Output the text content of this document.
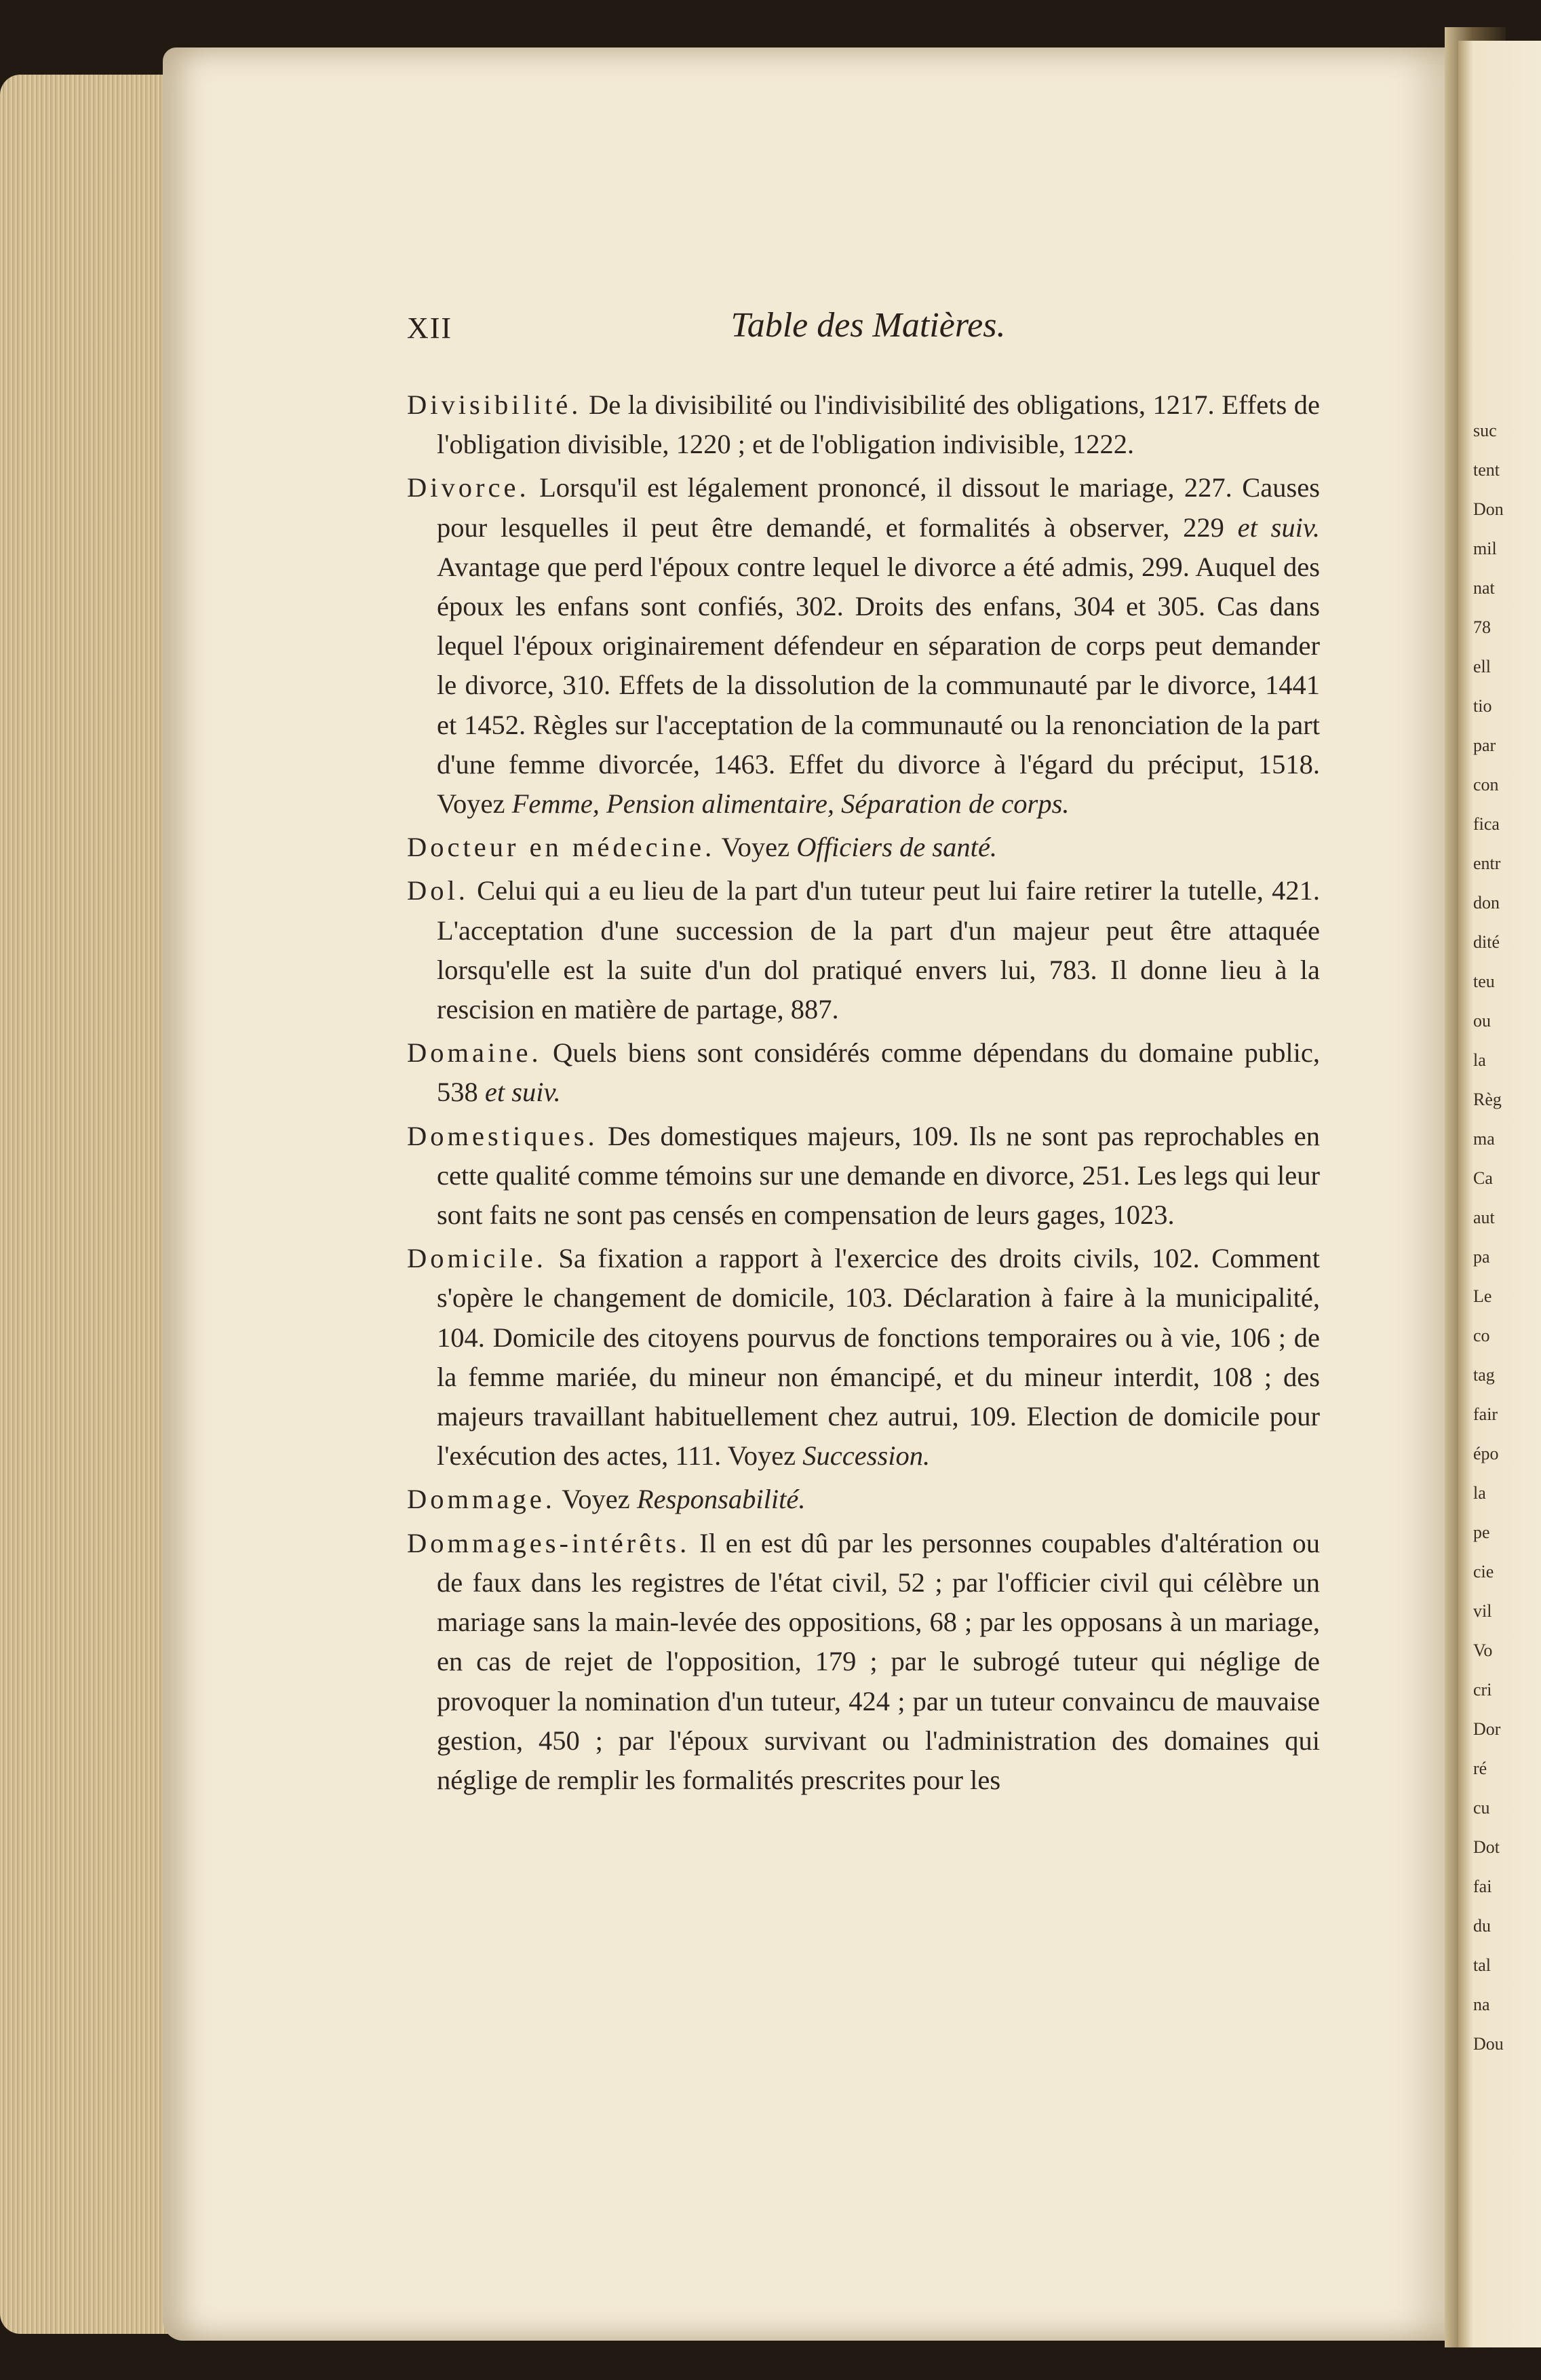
suc
tent
Don
mil
nat
78
ell
tio
par
con
fica
entr
don
dité
teu
ou
la
Règ
ma
Ca
aut
pa
Le
co
tag
fair
épo
la
pe
cie
vil
Vo
cri
Dor
ré
cu
Dot
fai
du
tal
na
Dou
XII	Table des Matières.

Divisibilité. De la divisibilité ou l'indivisibilité des obligations, 1217. Effets de l'obligation divisible, 1220 ; et de l'obligation indivisible, 1222.

Divorce. Lorsqu'il est légalement prononcé, il dissout le mariage, 227. Causes pour lesquelles il peut être demandé, et formalités à observer, 229 et suiv. Avantage que perd l'époux contre lequel le divorce a été admis, 299. Auquel des époux les enfans sont confiés, 302. Droits des enfans, 304 et 305. Cas dans lequel l'époux originairement défendeur en séparation de corps peut demander le divorce, 310. Effets de la dissolution de la communauté par le divorce, 1441 et 1452. Règles sur l'acceptation de la communauté ou la renonciation de la part d'une femme divorcée, 1463. Effet du divorce à l'égard du préciput, 1518. Voyez Femme, Pension alimentaire, Séparation de corps.

Docteur en médecine. Voyez Officiers de santé.

Dol. Celui qui a eu lieu de la part d'un tuteur peut lui faire retirer la tutelle, 421. L'acceptation d'une succession de la part d'un majeur peut être attaquée lorsqu'elle est la suite d'un dol pratiqué envers lui, 783. Il donne lieu à la rescision en matière de partage, 887.

Domaine. Quels biens sont considérés comme dépendans du domaine public, 538 et suiv.

Domestiques. Des domestiques majeurs, 109. Ils ne sont pas reprochables en cette qualité comme témoins sur une demande en divorce, 251. Les legs qui leur sont faits ne sont pas censés en compensation de leurs gages, 1023.

Domicile. Sa fixation a rapport à l'exercice des droits civils, 102. Comment s'opère le changement de domicile, 103. Déclaration à faire à la municipalité, 104. Domicile des citoyens pourvus de fonctions temporaires ou à vie, 106 ; de la femme mariée, du mineur non émancipé, et du mineur interdit, 108 ; des majeurs travaillant habituellement chez autrui, 109. Election de domicile pour l'exécution des actes, 111. Voyez Succession.

Dommage. Voyez Responsabilité.

Dommages-intérêts. Il en est dû par les personnes coupables d'altération ou de faux dans les registres de l'état civil, 52 ; par l'officier civil qui célèbre un mariage sans la main-levée des oppositions, 68 ; par les opposans à un mariage, en cas de rejet de l'opposition, 179 ; par le subrogé tuteur qui néglige de provoquer la nomination d'un tuteur, 424 ; par un tuteur convaincu de mauvaise gestion, 450 ; par l'époux survivant ou l'administration des domaines qui néglige de remplir les formalités prescrites pour les
